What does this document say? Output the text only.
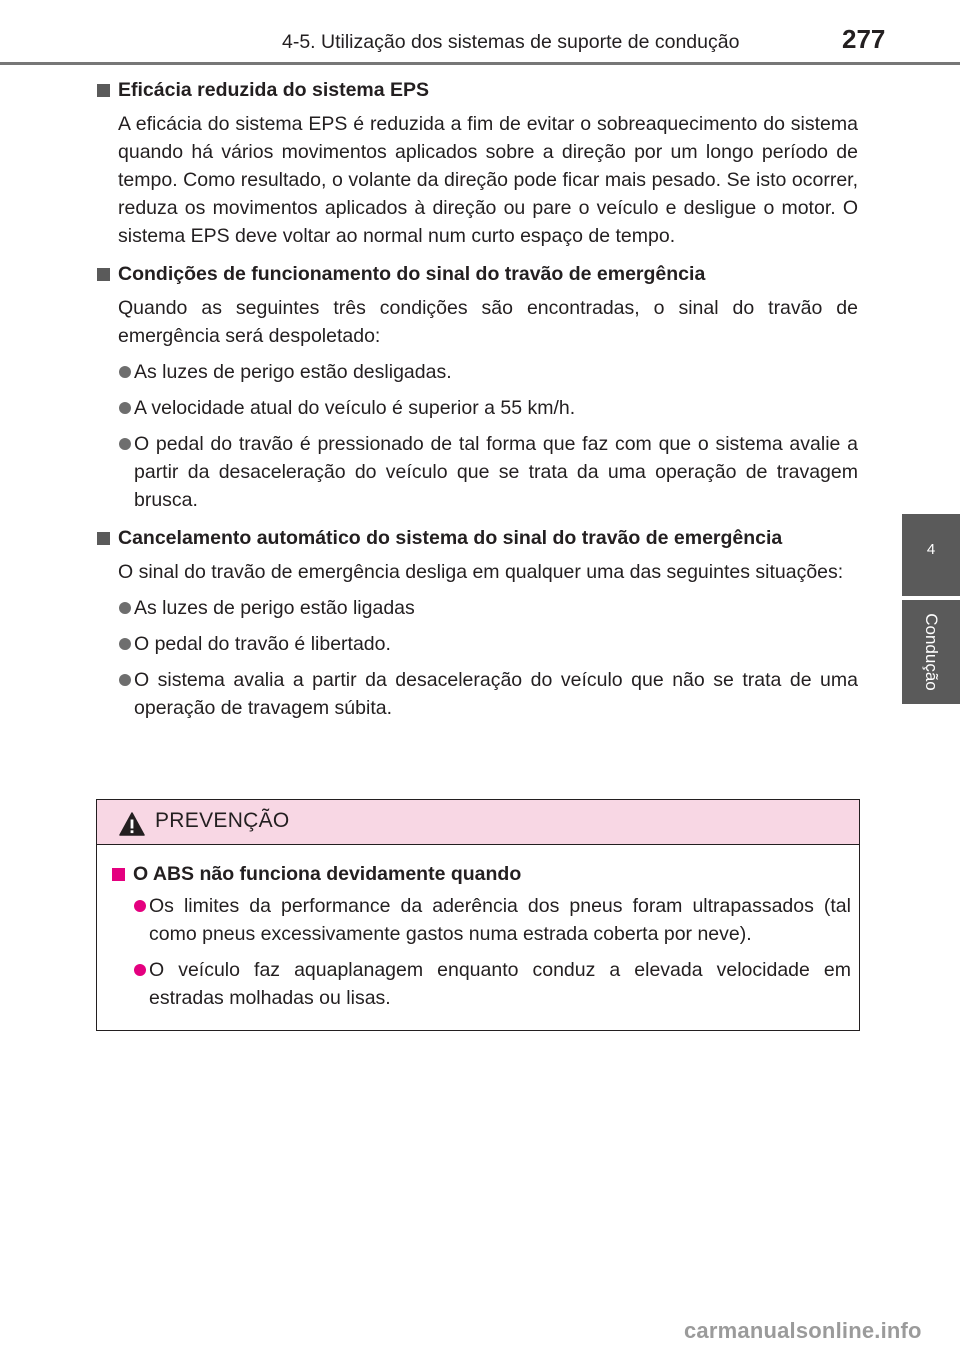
4-5. Utilização dos sistemas de suporte de condução	277
4
Condução
Eficácia reduzida do sistema EPS
A eficácia do sistema EPS é reduzida a fim de evitar o sobreaquecimento do sistema quando há vários movimentos aplicados sobre a direção por um longo período de tempo. Como resultado, o volante da direção pode ficar mais pesado. Se isto ocorrer, reduza os movimentos aplicados à direção ou pare o veículo e desligue o motor. O sistema EPS deve voltar ao normal num curto espaço de tempo.
Condições de funcionamento do sinal do travão de emergência
Quando as seguintes três condições são encontradas, o sinal do travão de emergência será despoletado:
As luzes de perigo estão desligadas.
A velocidade atual do veículo é superior a 55 km/h.
O pedal do travão é pressionado de tal forma que faz com que o sistema avalie a partir da desaceleração do veículo que se trata da uma operação de travagem brusca.
Cancelamento automático do sistema do sinal do travão de emergência
O sinal do travão de emergência desliga em qualquer uma das seguintes situações:
As luzes de perigo estão ligadas
O pedal do travão é libertado.
O sistema avalia a partir da desaceleração do veículo que não se trata de uma operação de travagem súbita.
PREVENÇÃO
O ABS não funciona devidamente quando
Os limites da performance da aderência dos pneus foram ultrapassados (tal como pneus excessivamente gastos numa estrada coberta por neve).
O veículo faz aquaplanagem enquanto conduz a elevada velocidade em estradas molhadas ou lisas.
carmanualsonline.info
